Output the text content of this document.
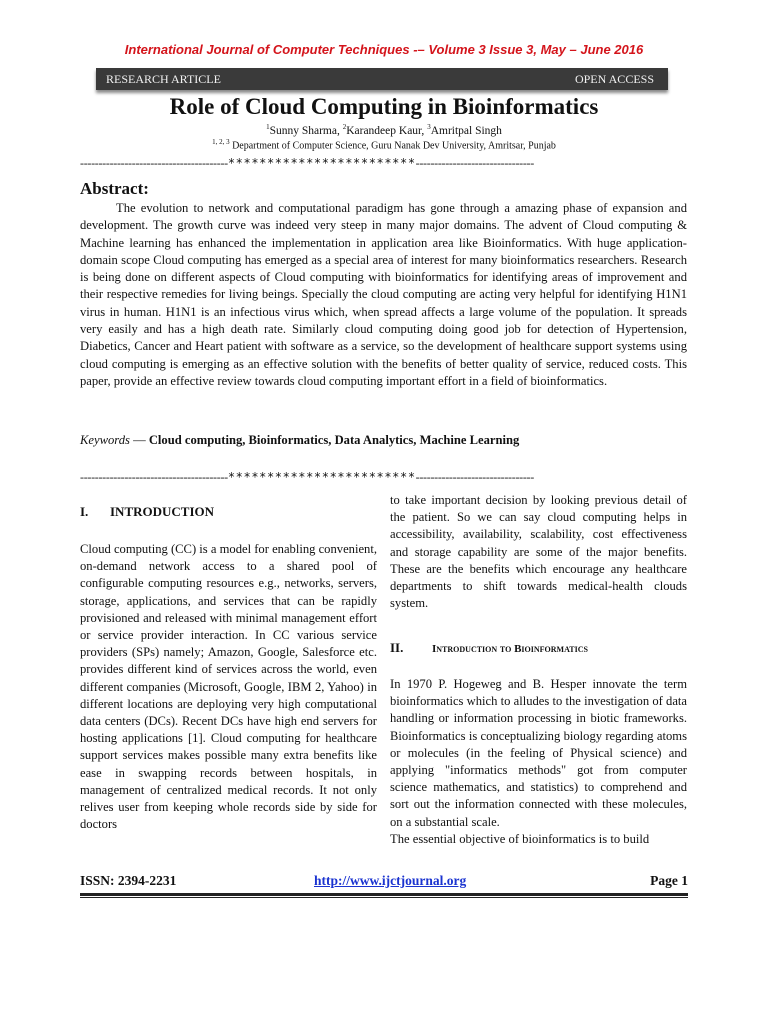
International Journal of Computer Techniques -– Volume 3 Issue 3, May – June 2016
RESEARCH ARTICLE	OPEN ACCESS
Role of Cloud Computing in Bioinformatics
$^1$Sunny Sharma, $^2$Karandeep Kaur, $^3$Amritpal Singh
$^{1, 2, 3}$ Department of Computer Science, Guru Nanak Dev University, Amritsar, Punjab
----------------------------------------************************--------------------------------
Abstract:

The evolution to network and computational paradigm has gone through a amazing phase of expansion and development. The growth curve was indeed very steep in many major domains. The advent of Cloud computing & Machine learning has enhanced the implementation in application area like Bioinformatics. With huge application-domain scope Cloud computing has emerged as a special area of interest for many bioinformatics researchers. Research is being done on different aspects of Cloud computing with bioinformatics for identifying areas of improvement and their respective remedies for living beings. Specially the cloud computing are acting very helpful for identifying H1N1 virus in human. H1N1 is an infectious virus which, when spread affects a large volume of the population. It spreads very easily and has a high death rate. Similarly cloud computing doing good job for detection of Hypertension, Diabetics, Cancer and Heart patient with software as a service, so the development of healthcare support systems using cloud computing is emerging as an effective solution with the benefits of better quality of service, reduced costs. This paper, provide an effective review towards cloud computing important effort in a field of bioinformatics.

Keywords — Cloud computing, Bioinformatics, Data Analytics, Machine Learning
----------------------------------------************************--------------------------------
I. INTRODUCTION

Cloud computing (CC) is a model for enabling convenient, on-demand network access to a shared pool of configurable computing resources e.g., networks, servers, storage, applications, and services that can be rapidly provisioned and released with minimal management effort or service provider interaction. In CC various service providers (SPs) namely; Amazon, Google, Salesforce etc. provides different kind of services across the world, even different companies (Microsoft, Google, IBM 2, Yahoo) in different locations are deploying very high computational data centers (DCs). Recent DCs have high end servers for hosting applications [1]. Cloud computing for healthcare support services makes possible many extra benefits like ease in swapping records between hospitals, in management of centralized medical records. It not only relives user from keeping whole records side by side for doctors

to take important decision by looking previous detail of the patient. So we can say cloud computing helps in accessibility, availability, scalability, cost effectiveness and storage capability are some of the major benefits. These are the benefits which encourage any healthcare departments to shift towards medical-health clouds system.

II.	Introduction to Bioinformatics

In 1970 P. Hogeweg and B. Hesper innovate the term bioinformatics which to alludes to the investigation of data handling or information processing in biotic frameworks. Bioinformatics is conceptualizing biology regarding atoms or molecules (in the feeling of Physical science) and applying "informatics methods" got from computer science mathematics, and statistics) to comprehend and sort out the information connected with these molecules, on a substantial scale.

The essential objective of bioinformatics is to build

ISSN: 2394-2231	http://www.ijctjournal.org	Page 1
